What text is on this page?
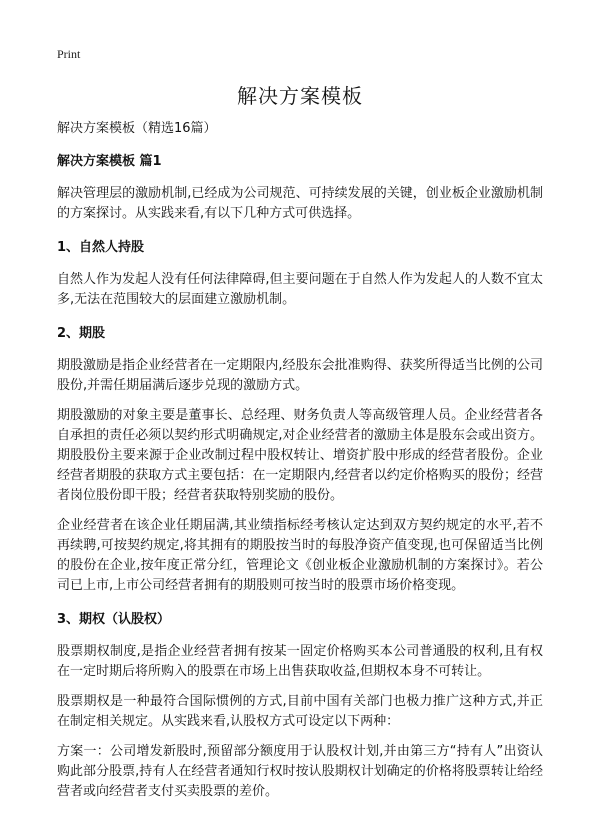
Print
解决方案模板

解决方案模板（精选16篇）

解决方案模板 篇1

解决管理层的激励机制,已经成为公司规范、可持续发展的关键，创业板企业激励机制的方案探讨。从实践来看,有以下几种方式可供选择。

1、自然人持股

自然人作为发起人没有任何法律障碍,但主要问题在于自然人作为发起人的人数不宜太多,无法在范围较大的层面建立激励机制。

2、期股

期股激励是指企业经营者在一定期限内,经股东会批准购得、获奖所得适当比例的公司股份,并需任期届满后逐步兑现的激励方式。

期股激励的对象主要是董事长、总经理、财务负责人等高级管理人员。企业经营者各自承担的责任必须以契约形式明确规定,对企业经营者的激励主体是股东会或出资方。期股股份主要来源于企业改制过程中股权转让、增资扩股中形成的经营者股份。企业经营者期股的获取方式主要包括：在一定期限内,经营者以约定价格购买的股份；经营者岗位股份即干股；经营者获取特别奖励的股份。

企业经营者在该企业任期届满,其业绩指标经考核认定达到双方契约规定的水平,若不再续聘,可按契约规定,将其拥有的期股按当时的每股净资产值变现,也可保留适当比例的股份在企业,按年度正常分红，管理论文《创业板企业激励机制的方案探讨》。若公司已上市,上市公司经营者拥有的期股则可按当时的股票市场价格变现。

3、期权（认股权）

股票期权制度,是指企业经营者拥有按某一固定价格购买本公司普通股的权利,且有权在一定时期后将所购入的股票在市场上出售获取收益,但期权本身不可转让。

股票期权是一种最符合国际惯例的方式,目前中国有关部门也极力推广这种方式,并正在制定相关规定。从实践来看,认股权方式可设定以下两种：

方案一：公司增发新股时,预留部分额度用于认股权计划,并由第三方“持有人”出资认购此部分股票,持有人在经营者通知行权时按认股期权计划确定的价格将股票转让给经营者或向经营者支付买卖股票的差价。
